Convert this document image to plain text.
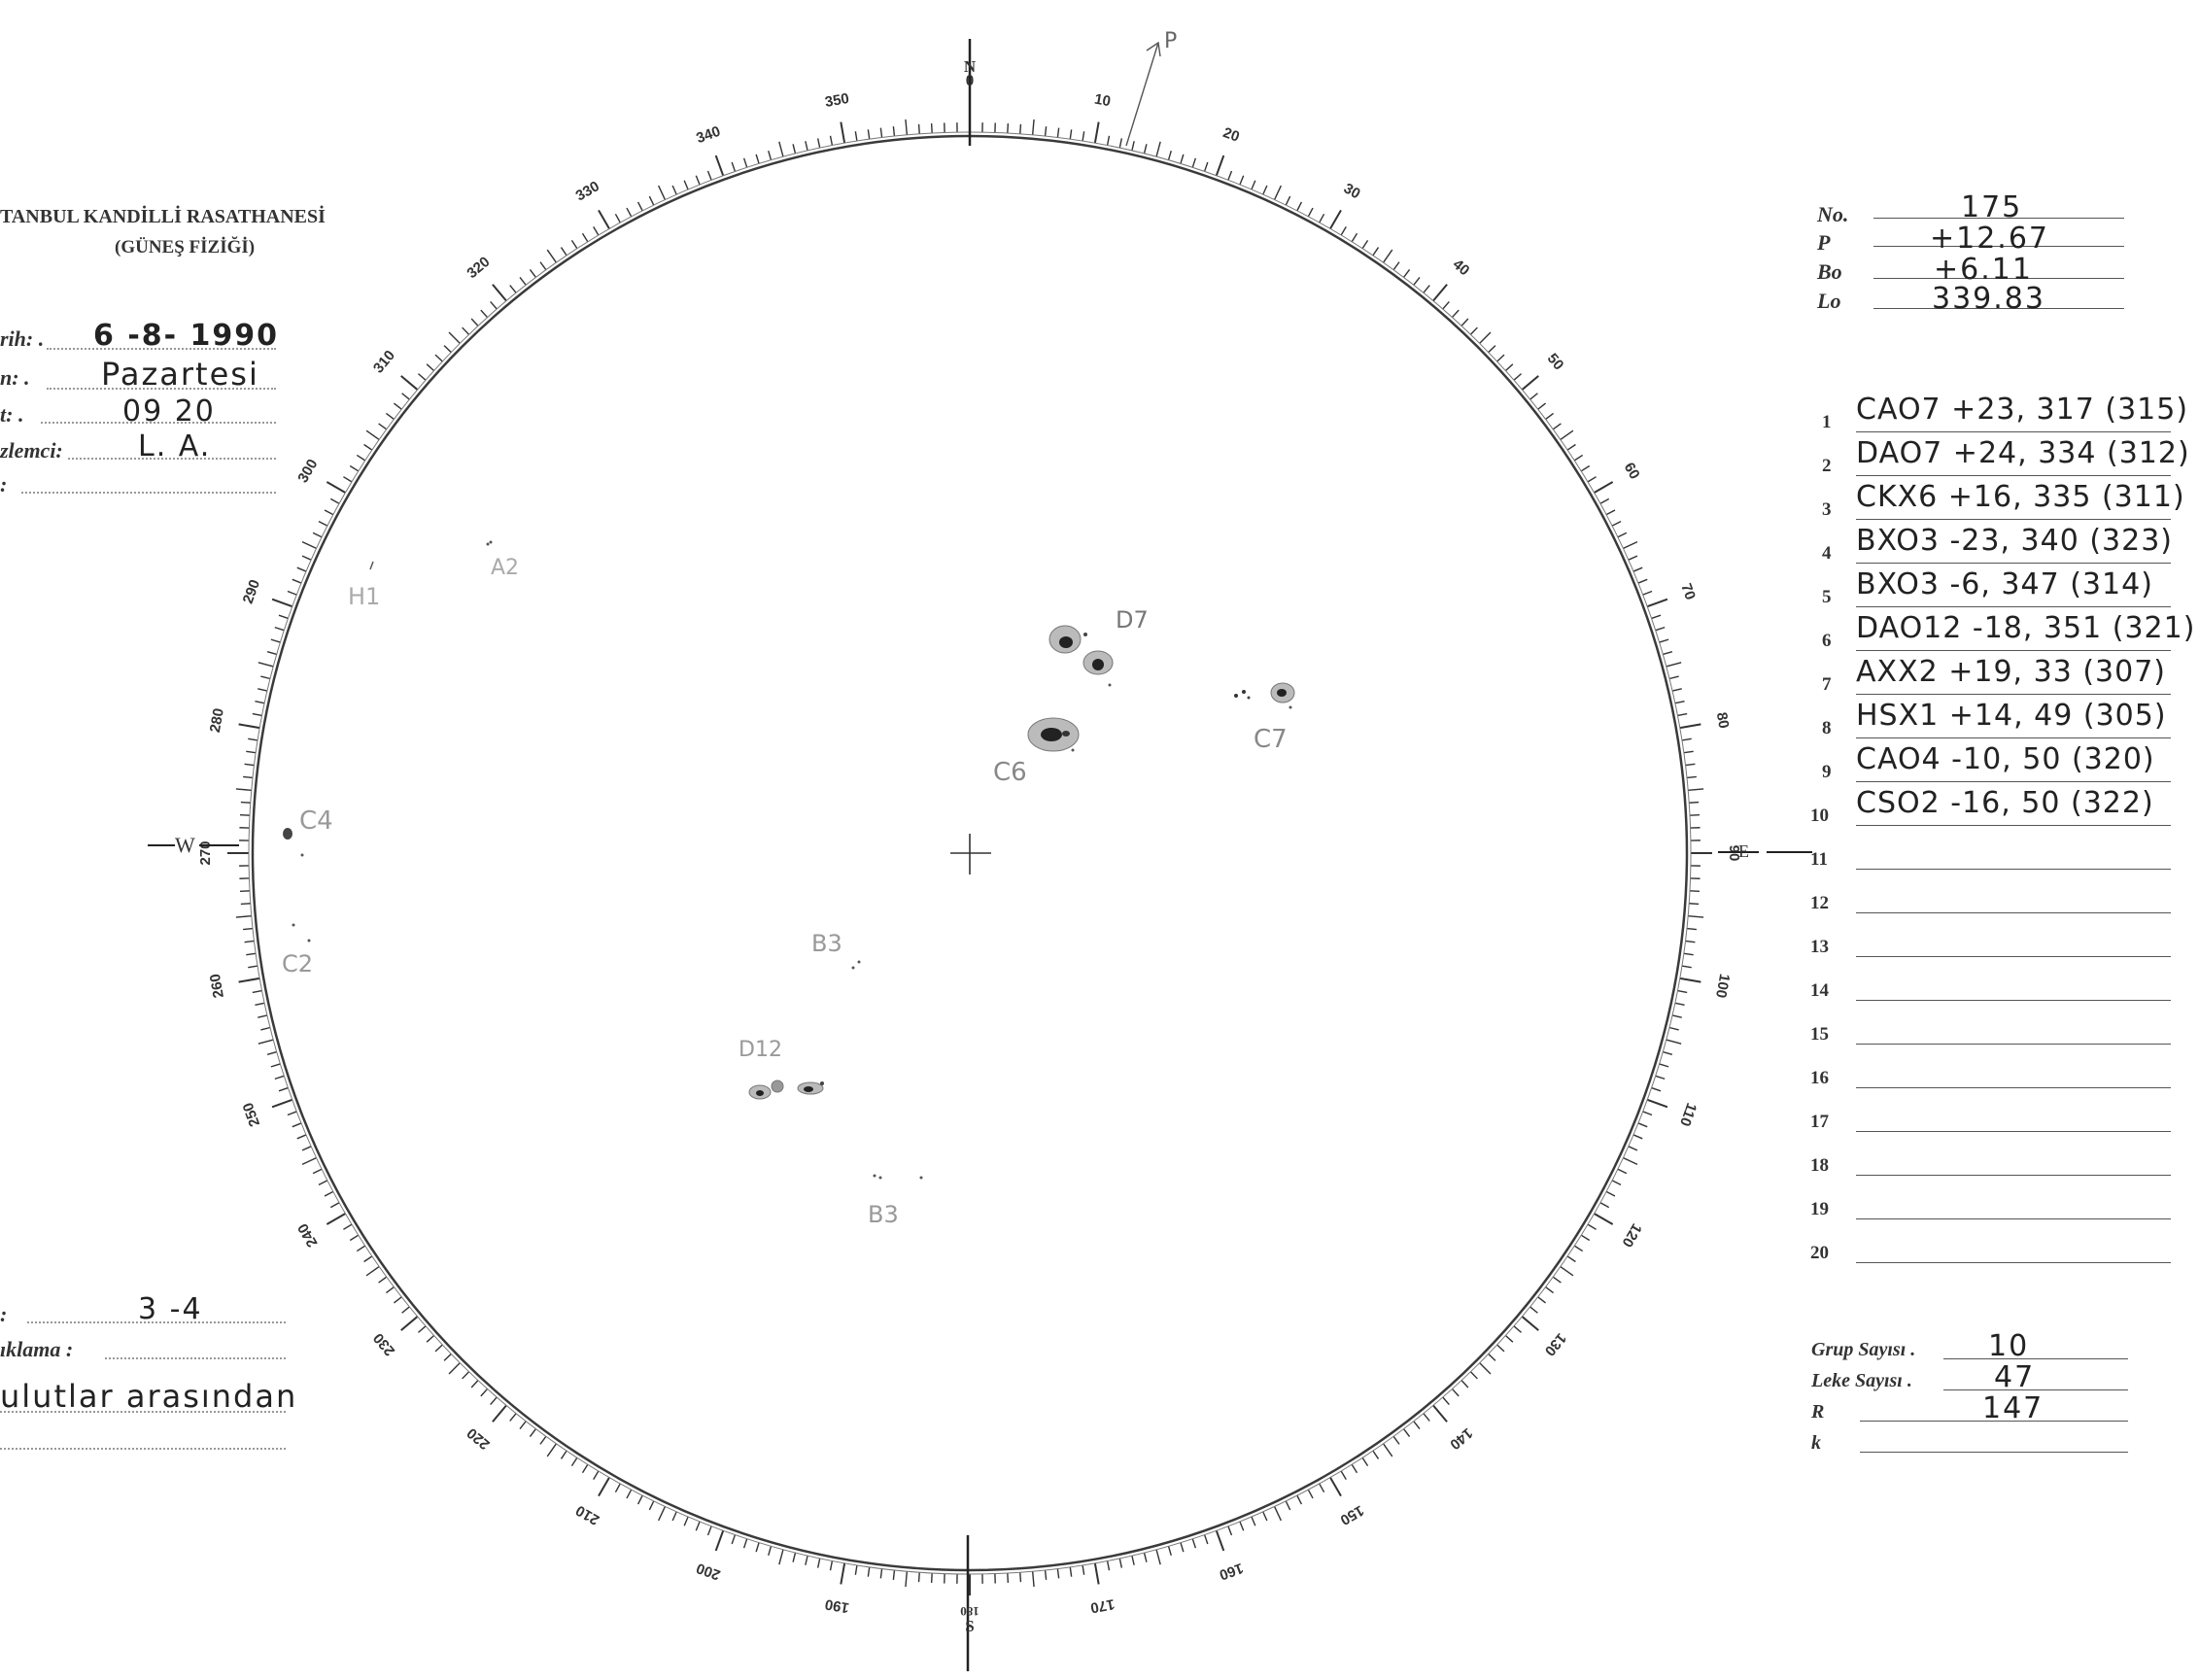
10
20
30
40
50
60
70
80
90
100
110
120
130
140
150
160
170
190
200
210
220
230
240
250
260
270
280
290
300
310
320
330
340
350
N
0
180
S
W	E
P
D7
C6
C7
C4
C2
B3
D12
B3
H1
A2
TANBUL KANDİLLİ RASATHANESİ
(GÜNEŞ FİZİĞİ)
rih: . 6 -8- 1990
n: . Pazartesi
t: .	09 20
zlemci:	L. A.
:
:	3 -4
ıklama :
ulutlar arasından
No.	175
P	+12.67
Bo	+6.11
Lo	339.83
1 CAO7 +23, 317 (315)
2 DAO7 +24, 334 (312)
3 CKX6 +16, 335 (311)
4 BXO3 -23, 340 (323)
5 BXO3 -6, 347 (314)
6 DAO12 -18, 351 (321)
7 AXX2 +19, 33 (307)
8 HSX1 +14, 49 (305)
9 CAO4 -10, 50 (320)
10 CSO2 -16, 50 (322)
11
12
13
14
15
16
17
18
19
20
Grup Sayısı . 10
Leke Sayısı .	47
R	147
k
